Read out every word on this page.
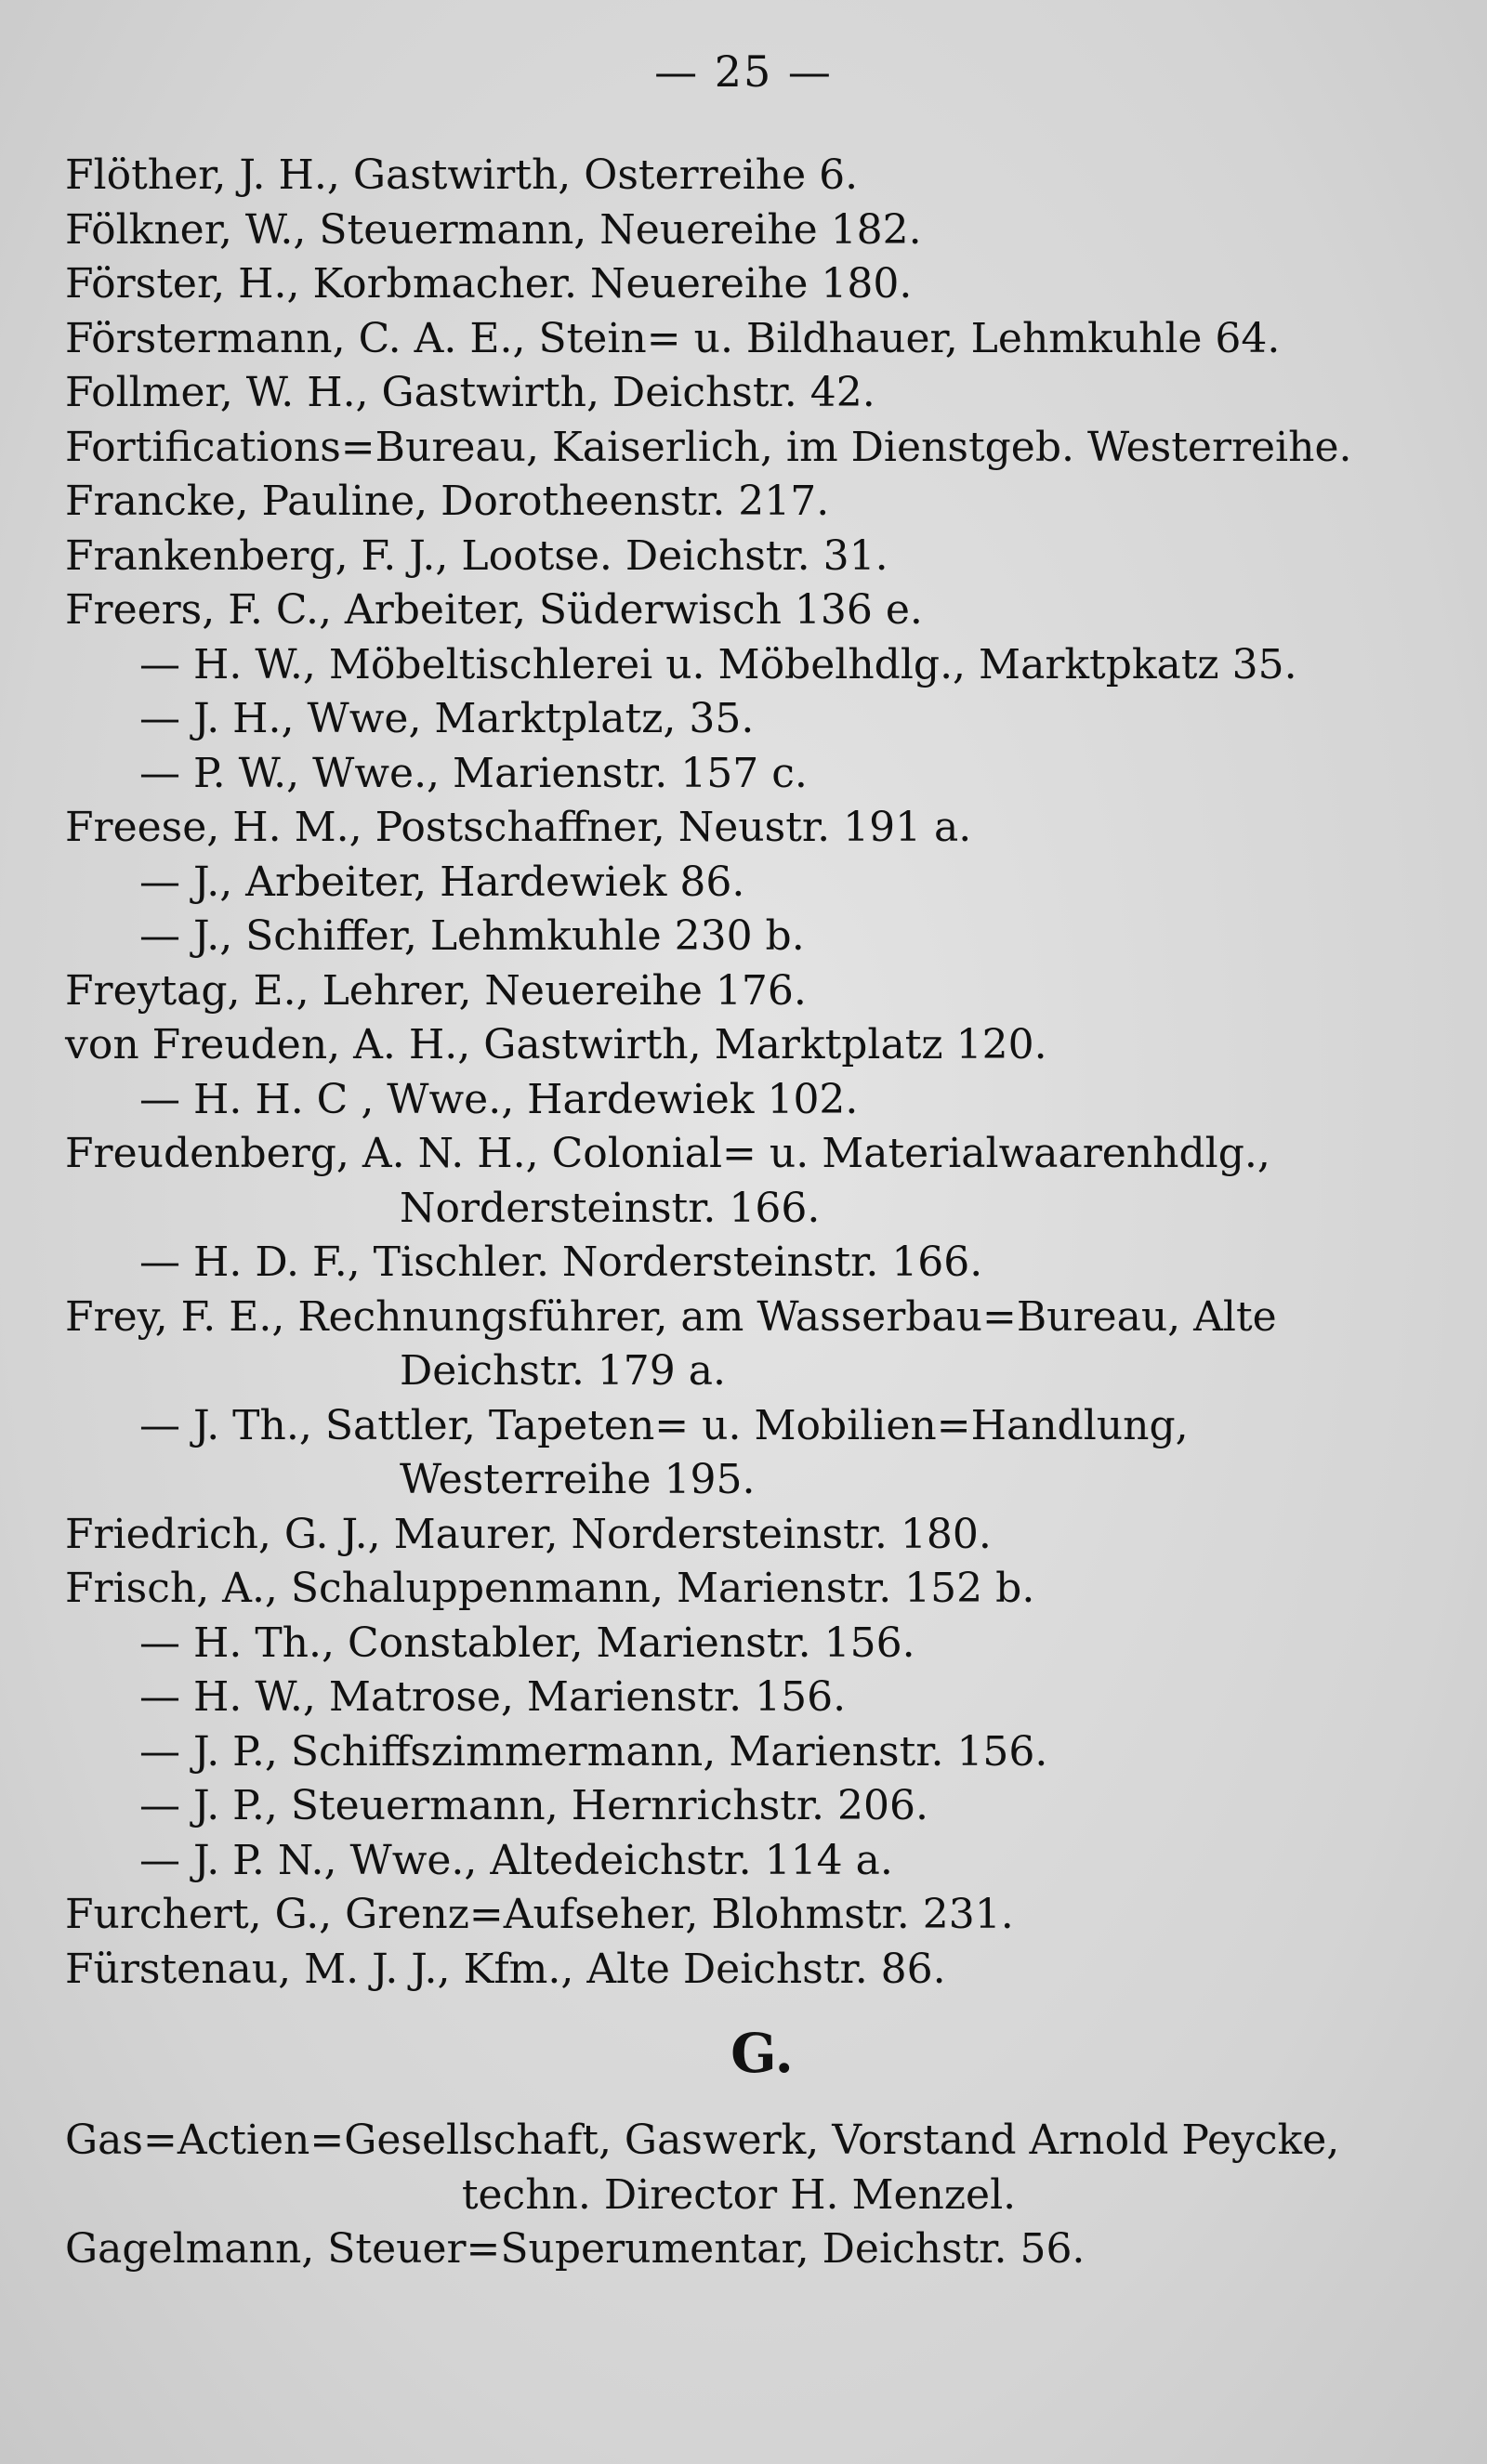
— 25 —
Flöther, J. H., Gastwirth, Osterreihe 6.
Fölkner, W., Steuermann, Neuereihe 182.
Förster, H., Korbmacher. Neuereihe 180.
Förstermann, C. A. E., Stein= u. Bildhauer, Lehmkuhle 64.
Follmer, W. H., Gastwirth, Deichstr. 42.
Fortifications=Bureau, Kaiserlich, im Dienstgeb. Westerreihe.
Francke, Pauline, Dorotheenstr. 217.
Frankenberg, F. J., Lootse. Deichstr. 31.
Freers, F. C., Arbeiter, Süderwisch 136 e.
— H. W., Möbeltischlerei u. Möbelhdlg., Marktpkatz 35.
— J. H., Wwe, Marktplatz, 35.
— P. W., Wwe., Marienstr. 157 c.
Freese, H. M., Postschaffner, Neustr. 191 a.
— J., Arbeiter, Hardewiek 86.
— J., Schiffer, Lehmkuhle 230 b.
Freytag, E., Lehrer, Neuereihe 176.
von Freuden, A. H., Gastwirth, Marktplatz 120.
— H. H. C , Wwe., Hardewiek 102.
Freudenberg, A. N. H., Colonial= u. Materialwaarenhdlg.,
Nordersteinstr. 166.
— H. D. F., Tischler. Nordersteinstr. 166.
Frey, F. E., Rechnungsführer, am Wasserbau=Bureau, Alte
Deichstr. 179 a.
— J. Th., Sattler, Tapeten= u. Mobilien=Handlung,
Westerreihe 195.
Friedrich, G. J., Maurer, Nordersteinstr. 180.
Frisch, A., Schaluppenmann, Marienstr. 152 b.
— H. Th., Constabler, Marienstr. 156.
— H. W., Matrose, Marienstr. 156.
— J. P., Schiffszimmermann, Marienstr. 156.
— J. P., Steuermann, Hernrichstr. 206.
— J. P. N., Wwe., Altedeichstr. 114 a.
Furchert, G., Grenz=Aufseher, Blohmstr. 231.
Fürstenau, M. J. J., Kfm., Alte Deichstr. 86.
G.
Gas=Actien=Gesellschaft, Gaswerk, Vorstand Arnold Peycke,
techn. Director H. Menzel.
Gagelmann, Steuer=Superumentar, Deichstr. 56.
